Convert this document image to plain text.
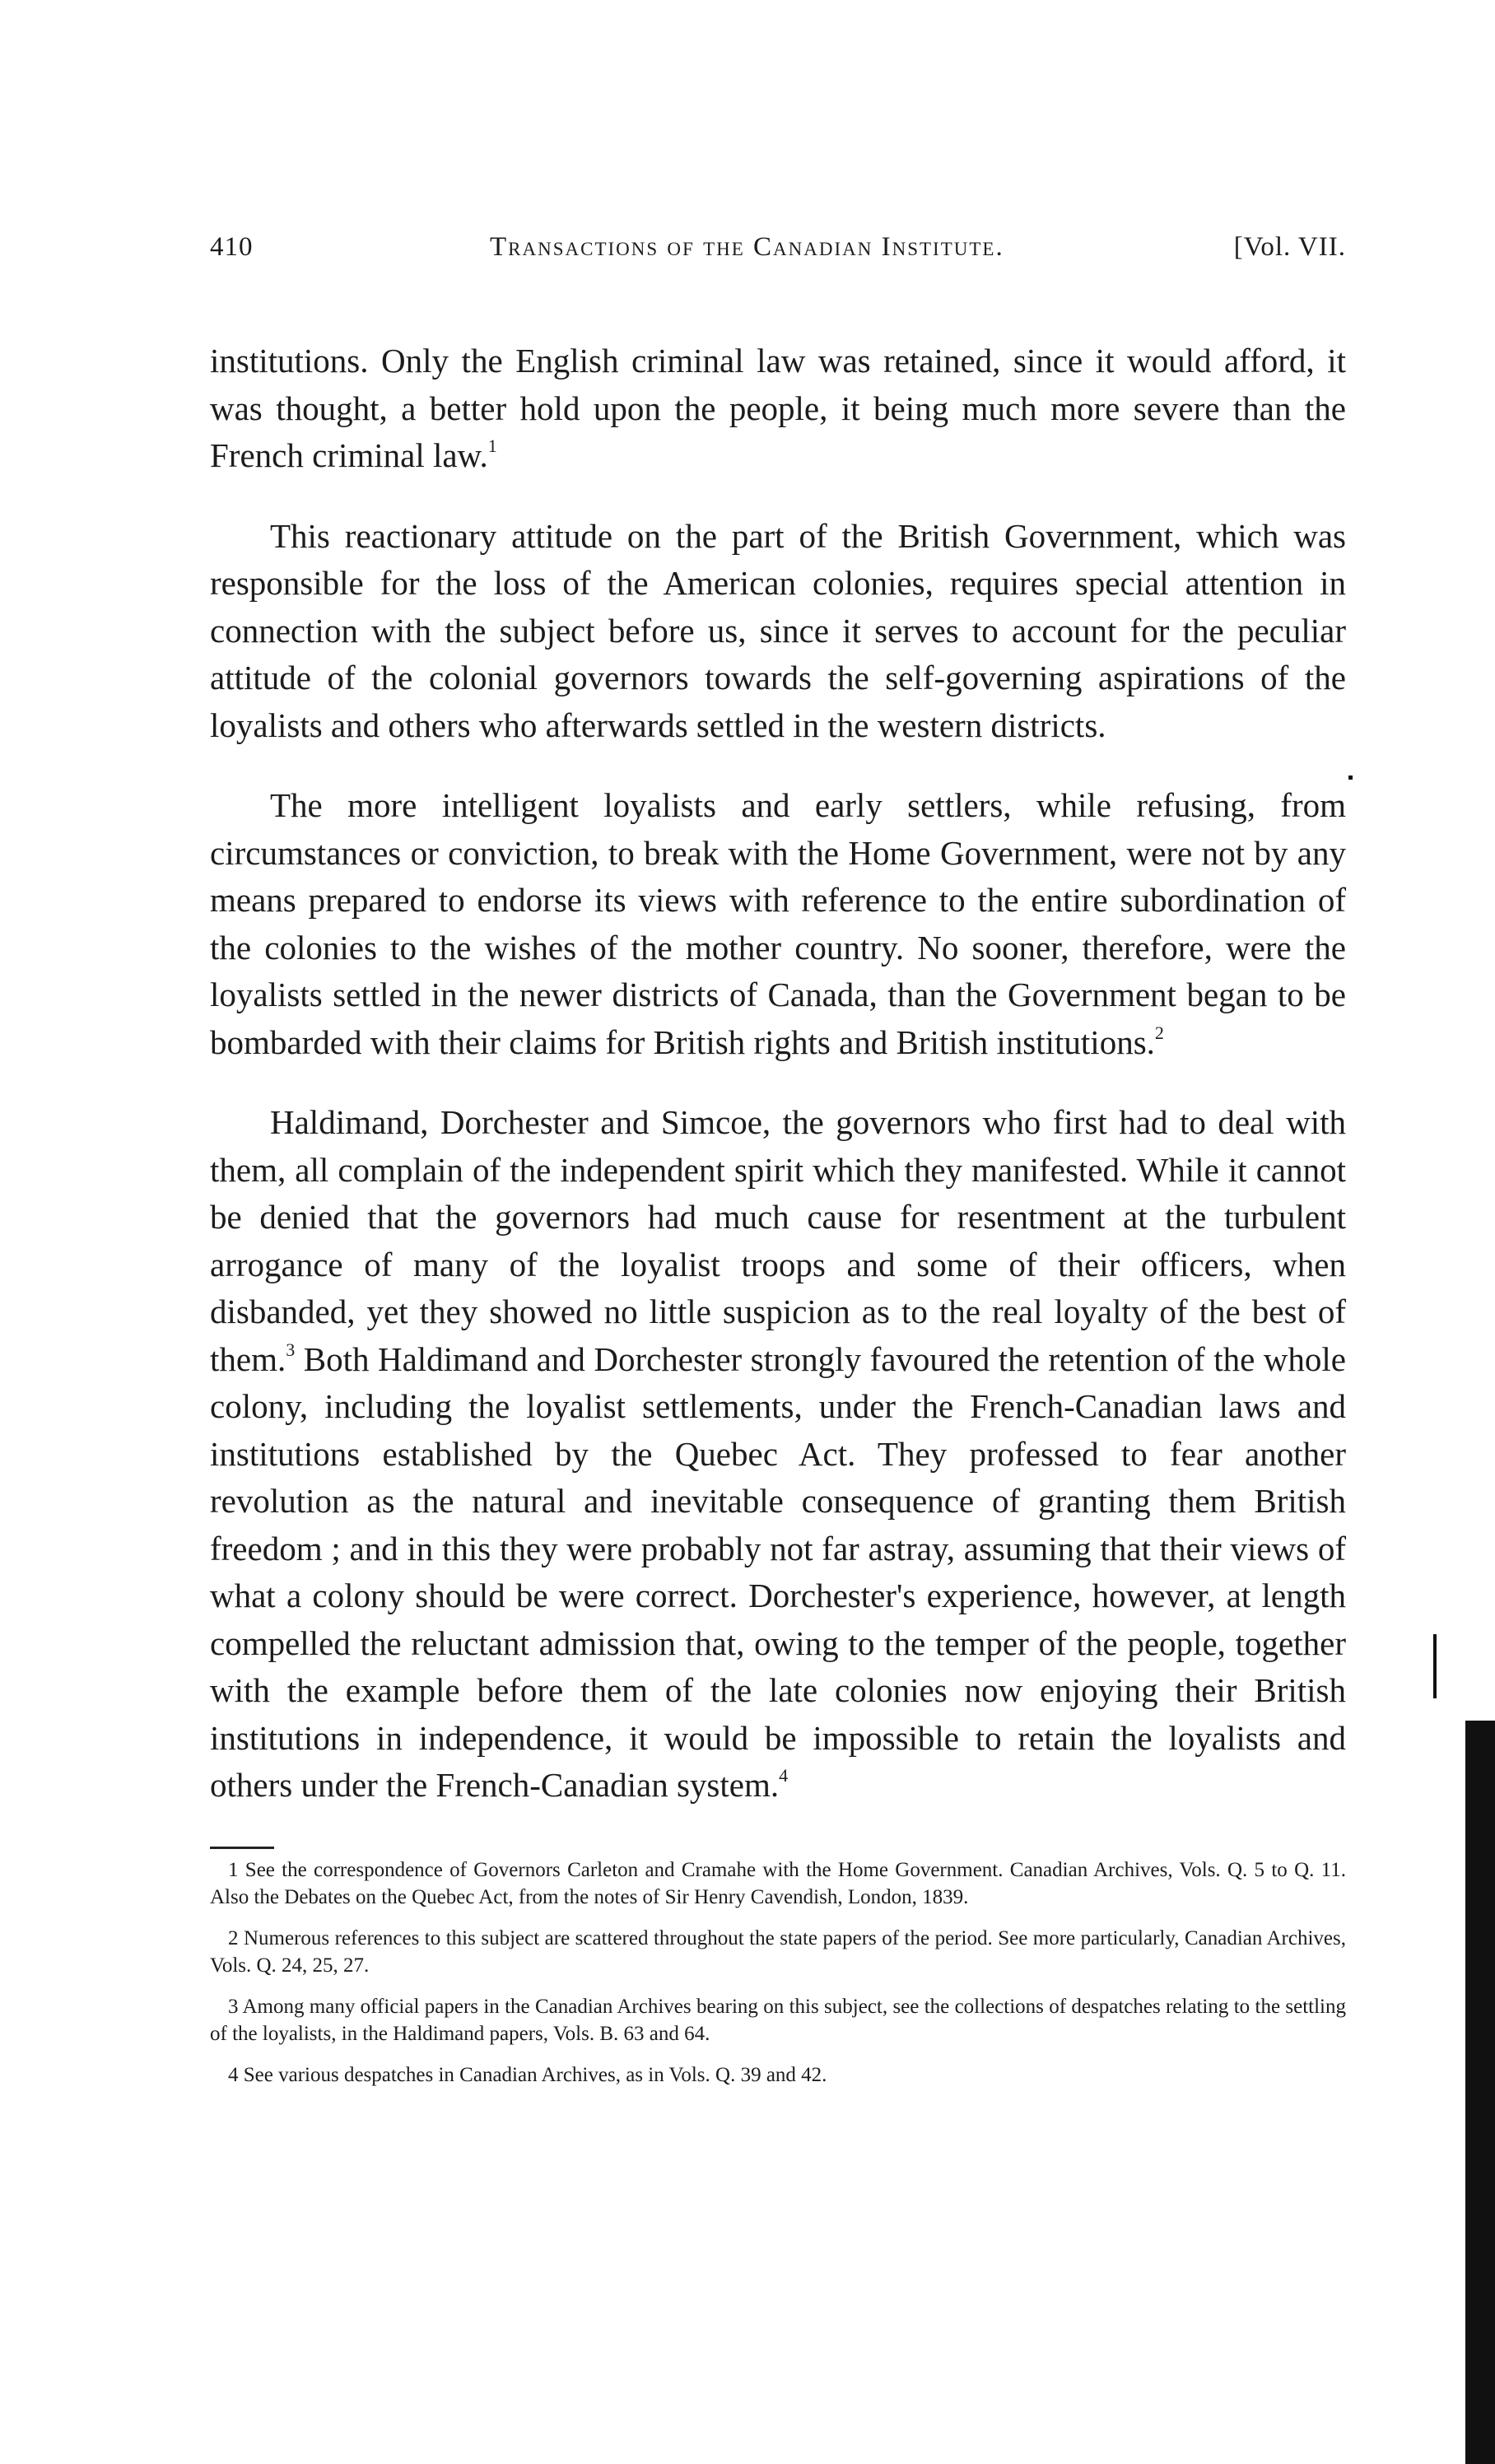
410	Transactions of the Canadian Institute.	[Vol. VII.

institutions. Only the English criminal law was retained, since it would afford, it was thought, a better hold upon the people, it being much more severe than the French criminal law.$^1$

This reactionary attitude on the part of the British Government, which was responsible for the loss of the American colonies, requires special attention in connection with the subject before us, since it serves to account for the peculiar attitude of the colonial governors towards the self-governing aspirations of the loyalists and others who afterwards settled in the western districts.

The more intelligent loyalists and early settlers, while refusing, from circumstances or conviction, to break with the Home Government, were not by any means prepared to endorse its views with reference to the entire subordination of the colonies to the wishes of the mother country. No sooner, therefore, were the loyalists settled in the newer districts of Canada, than the Government began to be bombarded with their claims for British rights and British institutions.$^2$

Haldimand, Dorchester and Simcoe, the governors who first had to deal with them, all complain of the independent spirit which they manifested. While it cannot be denied that the governors had much cause for resentment at the turbulent arrogance of many of the loyalist troops and some of their officers, when disbanded, yet they showed no little suspicion as to the real loyalty of the best of them.$^3$ Both Haldimand and Dorchester strongly favoured the retention of the whole colony, including the loyalist settlements, under the French-Canadian laws and institutions established by the Quebec Act. They professed to fear another revolution as the natural and inevitable consequence of granting them British freedom ; and in this they were probably not far astray, assuming that their views of what a colony should be were correct. Dorchester's experience, however, at length compelled the reluctant admission that, owing to the temper of the people, together with the example before them of the late colonies now enjoying their British institutions in independence, it would be impossible to retain the loyalists and others under the French-Canadian system.$^4$

1 See the correspondence of Governors Carleton and Cramahe with the Home Government. Canadian Archives, Vols. Q. 5 to Q. 11. Also the Debates on the Quebec Act, from the notes of Sir Henry Cavendish, London, 1839.

2 Numerous references to this subject are scattered throughout the state papers of the period. See more particularly, Canadian Archives, Vols. Q. 24, 25, 27.

3 Among many official papers in the Canadian Archives bearing on this subject, see the collections of despatches relating to the settling of the loyalists, in the Haldimand papers, Vols. B. 63 and 64.

4 See various despatches in Canadian Archives, as in Vols. Q. 39 and 42.
